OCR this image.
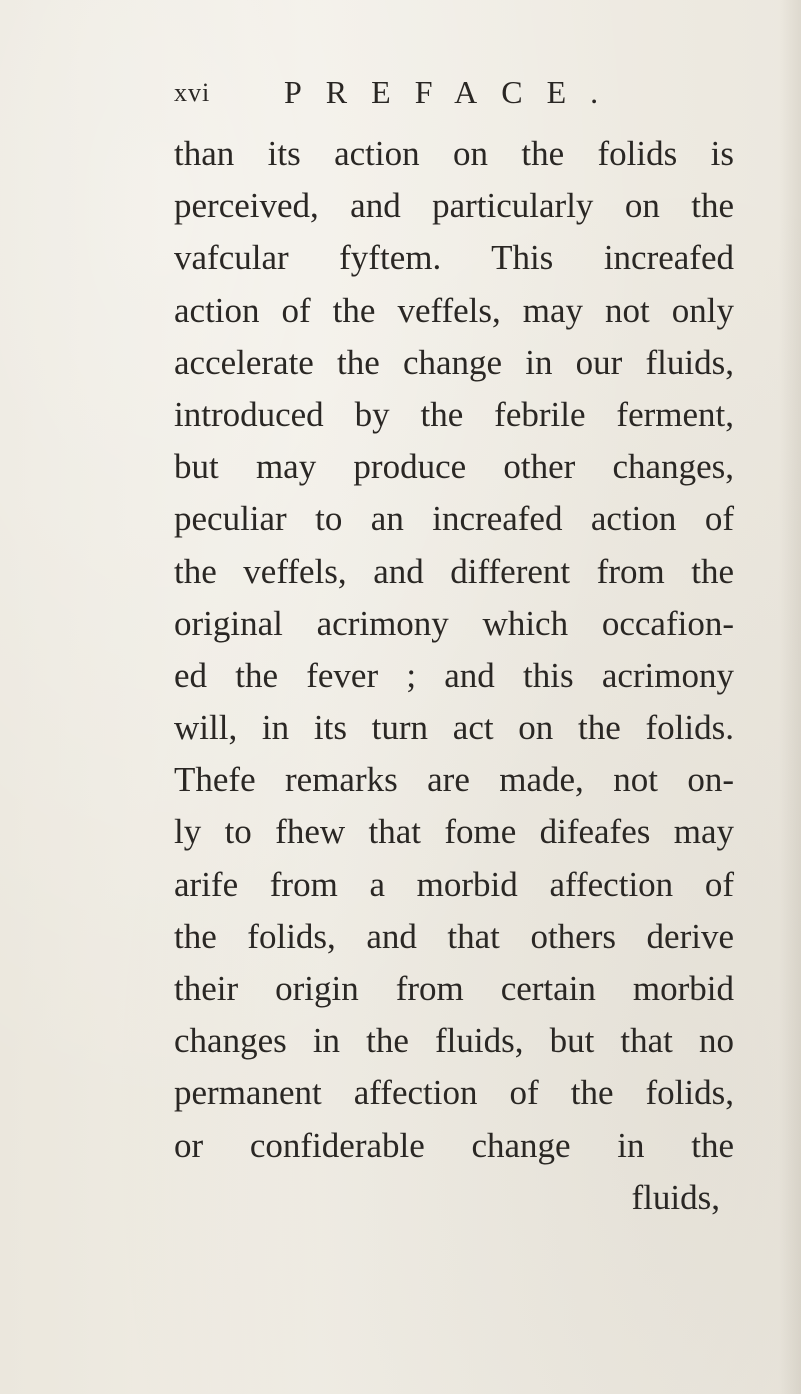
xvi PREFACE.
than its action on the folids is
perceived, and particularly on the
vafcular fyftem. This increafed
action of the veffels, may not only
accelerate the change in our fluids,
introduced by the febrile ferment,
but may produce other changes,
peculiar to an increafed action of
the veffels, and different from the
original acrimony which occafion-
ed the fever ; and this acrimony
will, in its turn act on the folids.
Thefe remarks are made, not on-
ly to fhew that fome difeafes may
arife from a morbid affection of
the folids, and that others derive
their origin from certain morbid
changes in the fluids, but that no
permanent affection of the folids,
or confiderable change in the
fluids,
